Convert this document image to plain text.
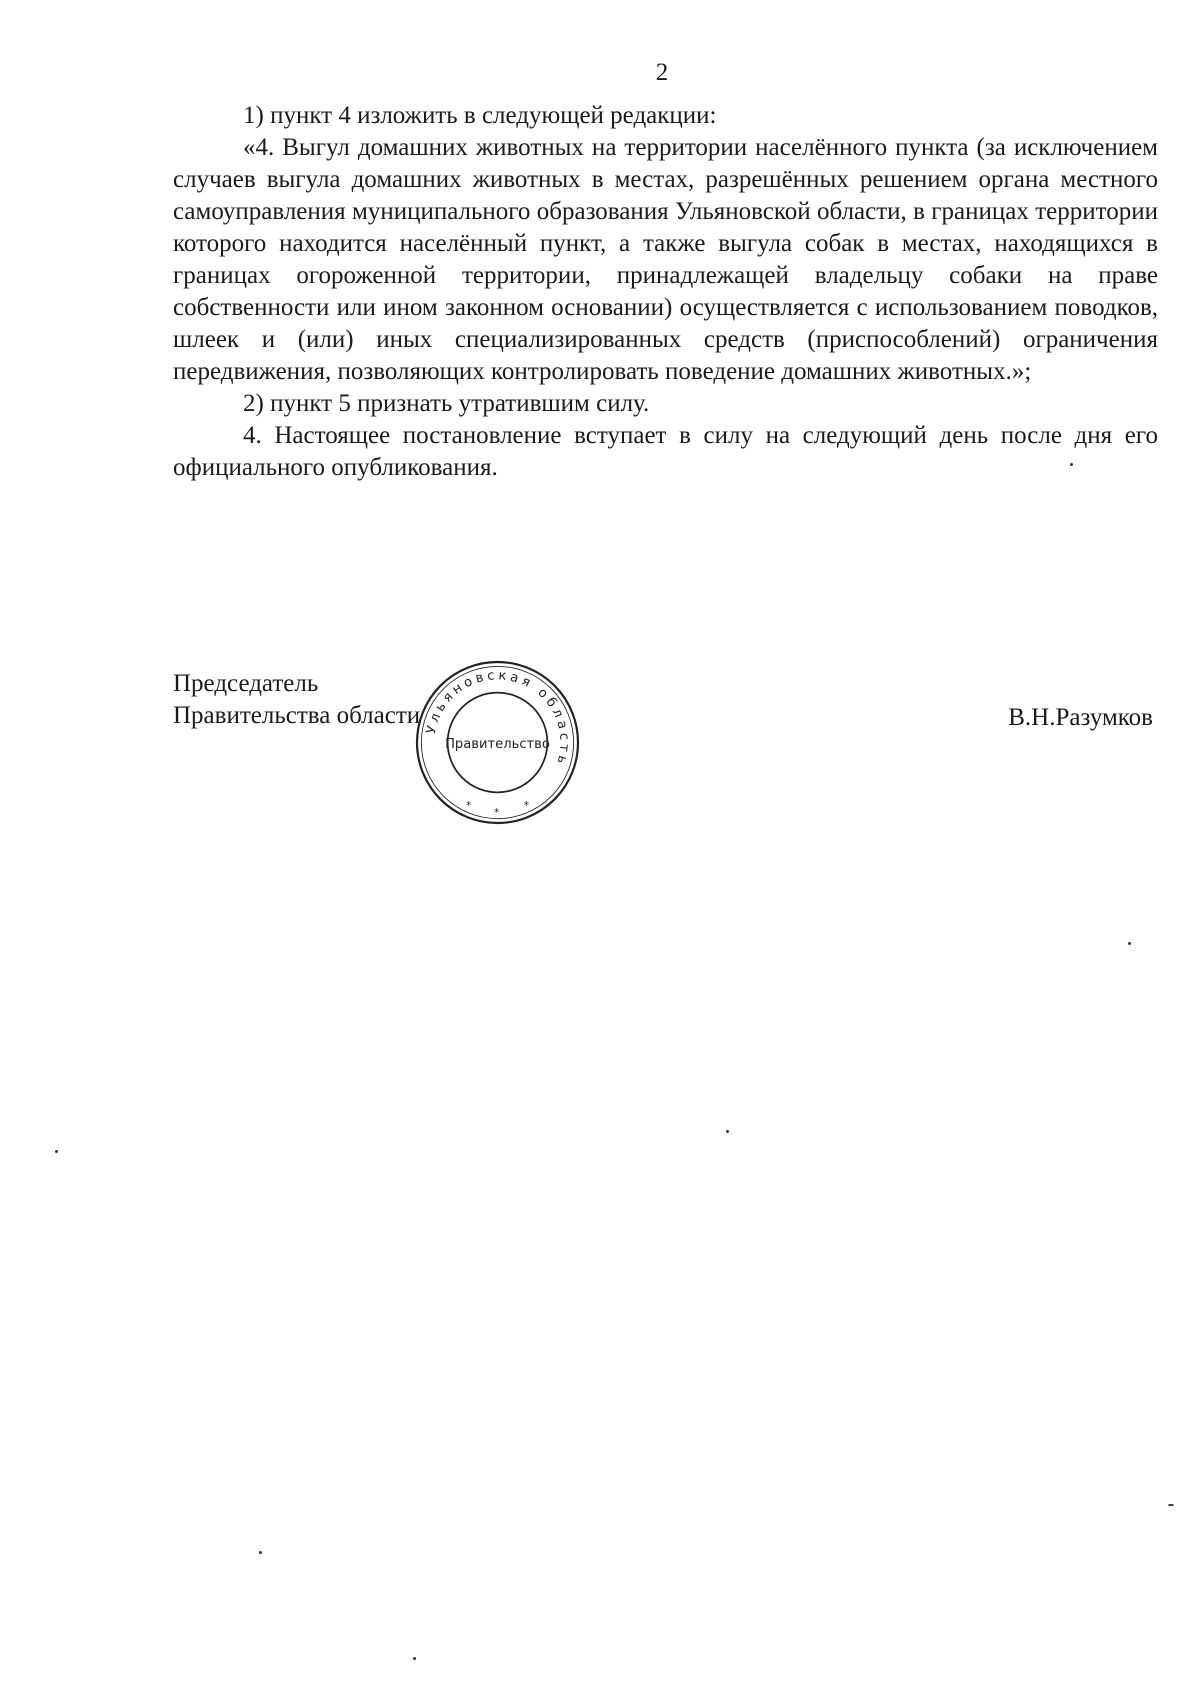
2

1) пункт 4 изложить в следующей редакции:

«4. Выгул домашних животных на территории населённого пункта (за исключением случаев выгула домашних животных в местах, разрешённых решением органа местного самоуправления муниципального образования Ульяновской области, в границах территории которого находится населённый пункт, а также выгула собак в местах, находящихся в границах огороженной территории, принадлежащей владельцу собаки на праве собственности или ином законном основании) осуществляется с использованием поводков, шлеек и (или) иных специализированных средств (приспособлений) ограничения передвижения, позволяющих контролировать поведение домашних животных.»;

2) пункт 5 признать утратившим силу.

4. Настоящее постановление вступает в силу на следующий день после дня его официального опубликования.

Председатель
Правительства области	В.Н.Разумков
Ульяновская область
Правительство
*
*
*
